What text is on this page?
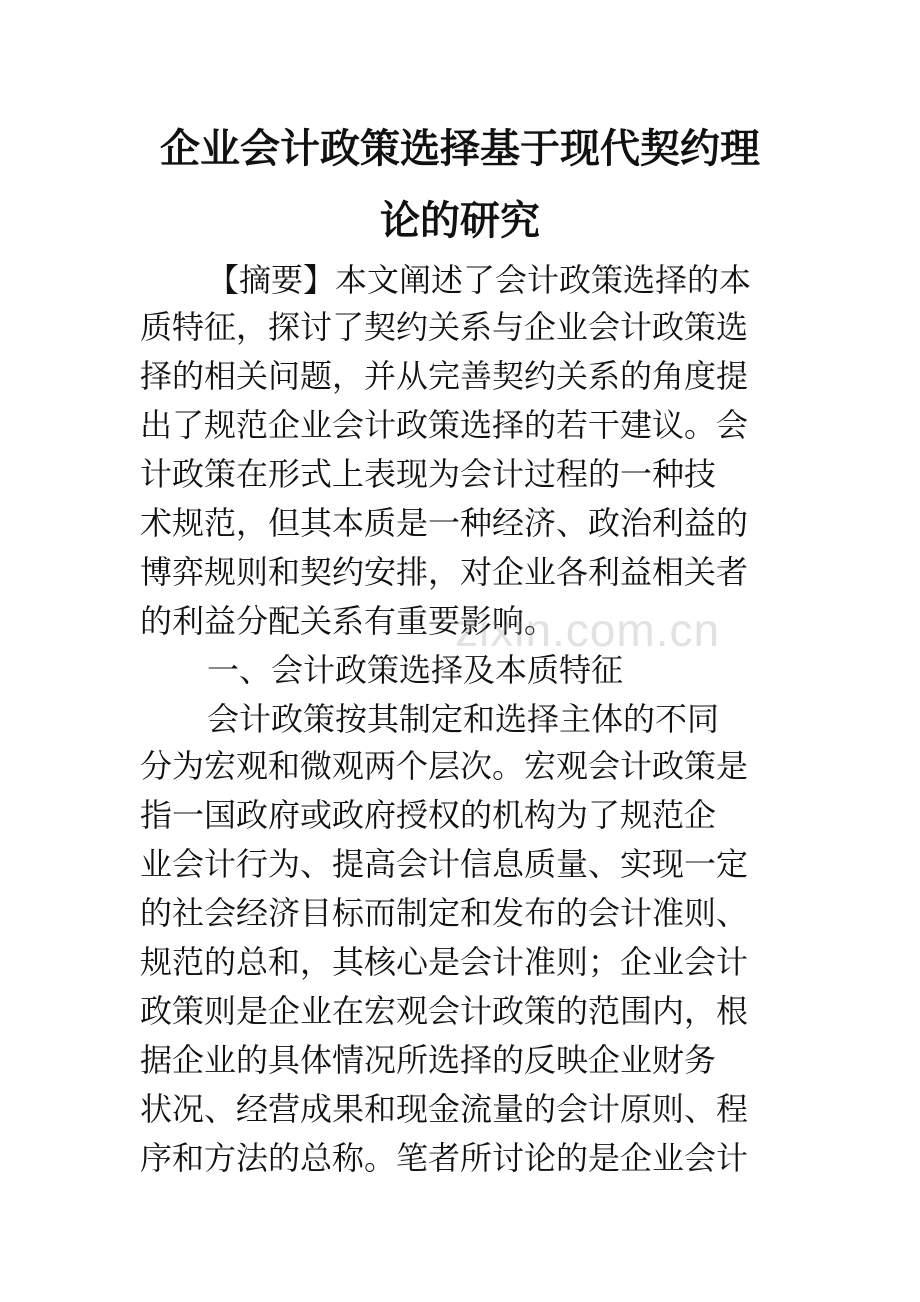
企业会计政策选择基于现代契约理
论的研究

【摘要】本文阐述了会计政策选择的本

质特征，探讨了契约关系与企业会计政策选

择的相关问题，并从完善契约关系的角度提

出了规范企业会计政策选择的若干建议。会

计政策在形式上表现为会计过程的一种技

术规范，但其本质是一种经济、政治利益的

博弈规则和契约安排，对企业各利益相关者

的利益分配关系有重要影响。

一、会计政策选择及本质特征

会计政策按其制定和选择主体的不同

分为宏观和微观两个层次。宏观会计政策是

指一国政府或政府授权的机构为了规范企

业会计行为、提高会计信息质量、实现一定

的社会经济目标而制定和发布的会计准则、

规范的总和，其核心是会计准则；企业会计

政策则是企业在宏观会计政策的范围内，根

据企业的具体情况所选择的反映企业财务

状况、经营成果和现金流量的会计原则、程

序和方法的总称。笔者所讨论的是企业会计

zixin.com.cn
